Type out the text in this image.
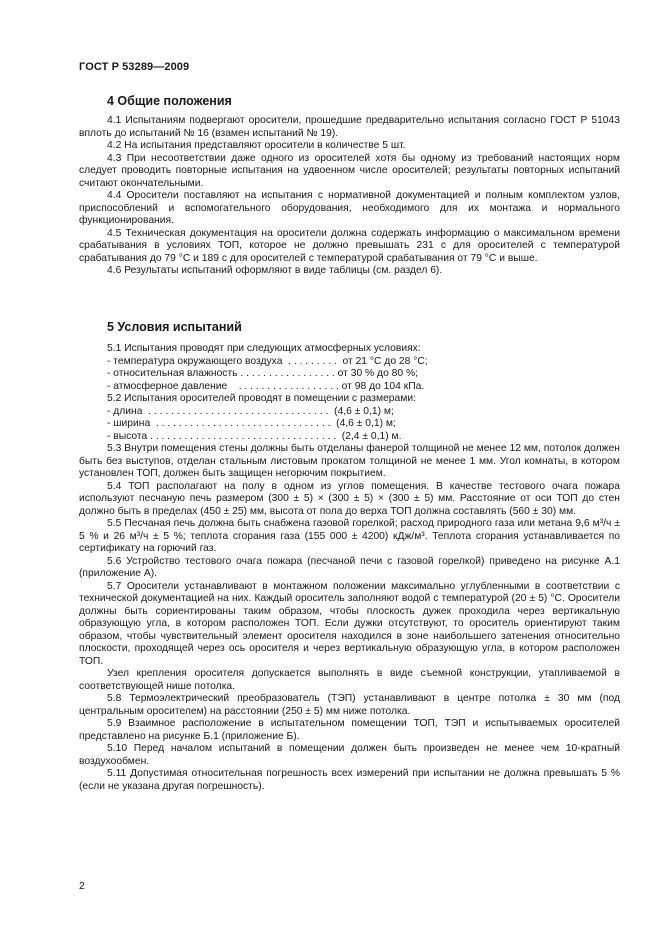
ГОСТ Р 53289—2009
4 Общие положения

4.1 Испытаниям подвергают оросители, прошедшие предварительно испытания согласно ГОСТ Р 51043 вплоть до испытаний № 16 (взамен испытаний № 19).

4.2 На испытания представляют оросители в количестве 5 шт.

4.3 При несоответствии даже одного из оросителей хотя бы одному из требований настоящих норм следует проводить повторные испытания на удвоенном числе оросителей; результаты повторных испытаний считают окончательными.

4.4 Оросители поставляют на испытания с нормативной документацией и полным комплектом узлов, приспособлений и вспомогательного оборудования, необходимого для их монтажа и нормального функционирования.

4.5 Техническая документация на оросители должна содержать информацию о максимальном времени срабатывания в условиях ТОП, которое не должно превышать 231 с для оросителей с температурой срабатывания до 79 °С и 189 с для оросителей с температурой срабатывания от 79 °С и выше.

4.6 Результаты испытаний оформляют в виде таблицы (см. раздел 6).

5 Условия испытаний

5.1 Испытания проводят при следующих атмосферных условиях:

- температура окружающего воздуха  . . . . . . . . .  от 21 °С до 28 °С;
- относительная влажность . . . . . . . . . . . . . . . . . от 30 % до 80 %;
- атмосферное давление    . . . . . . . . . . . . . . . . . . от 98 до 104 кПа.

5.2 Испытания оросителей проводят в помещении с размерами:

- длина  . . . . . . . . . . . . . . . . . . . . . . . . . . . . . . . .  (4,6 ± 0,1) м;
- ширина  . . . . . . . . . . . . . . . . . . . . . . . . . . . . . . .  (4,6 ± 0,1) м;
- высота . . . . . . . . . . . . . . . . . . . . . . . . . . . . . . . . .  (2,4 ± 0,1) м.

5.3 Внутри помещения стены должны быть отделаны фанерой толщиной не менее 12 мм, потолок должен быть без выступов, отделан стальным листовым прокатом толщиной не менее 1 мм. Угол комнаты, в котором установлен ТОП, должен быть защищен негорючим покрытием.

5.4 ТОП располагают на полу в одном из углов помещения. В качестве тестового очага пожара используют песчаную печь размером (300 ± 5) × (300 ± 5) × (300 ± 5) мм. Расстояние от оси ТОП до стен должно быть в пределах (450 ± 25) мм, высота от пола до верха ТОП должна составлять (560 ± 30) мм.

5.5 Песчаная печь должна быть снабжена газовой горелкой; расход природного газа или метана 9,6 м³/ч ± 5 % и 26 м³/ч ± 5 %; теплота сгорания газа (155 000 ± 4200) кДж/м³. Теплота сгорания устанавливается по сертификату на горючий газ.

5.6 Устройство тестового очага пожара (песчаной печи с газовой горелкой) приведено на рисунке А.1 (приложение А).

5.7 Оросители устанавливают в монтажном положении максимально углубленными в соответствии с технической документацией на них. Каждый ороситель заполняют водой с температурой (20 ± 5) °С. Оросители должны быть сориентированы таким образом, чтобы плоскость дужек проходила через вертикальную образующую угла, в котором расположен ТОП. Если дужки отсутствуют, то ороситель ориентируют таким образом, чтобы чувствительный элемент оросителя находился в зоне наибольшего затенения относительно плоскости, проходящей через ось оросителя и через вертикальную образующую угла, в котором расположен ТОП.

Узел крепления оросителя допускается выполнять в виде съемной конструкции, утапливаемой в соответствующей нише потолка.

5.8 Термоэлектрический преобразователь (ТЭП) устанавливают в центре потолка ± 30 мм (под центральным оросителем) на расстоянии (250 ± 5) мм ниже потолка.

5.9 Взаимное расположение в испытательном помещении ТОП, ТЭП и испытываемых оросителей представлено на рисунке Б.1 (приложение Б).

5.10 Перед началом испытаний в помещении должен быть произведен не менее чем 10-кратный воздухообмен.

5.11 Допустимая относительная погрешность всех измерений при испытании не должна превышать 5 % (если не указана другая погрешность).

2
